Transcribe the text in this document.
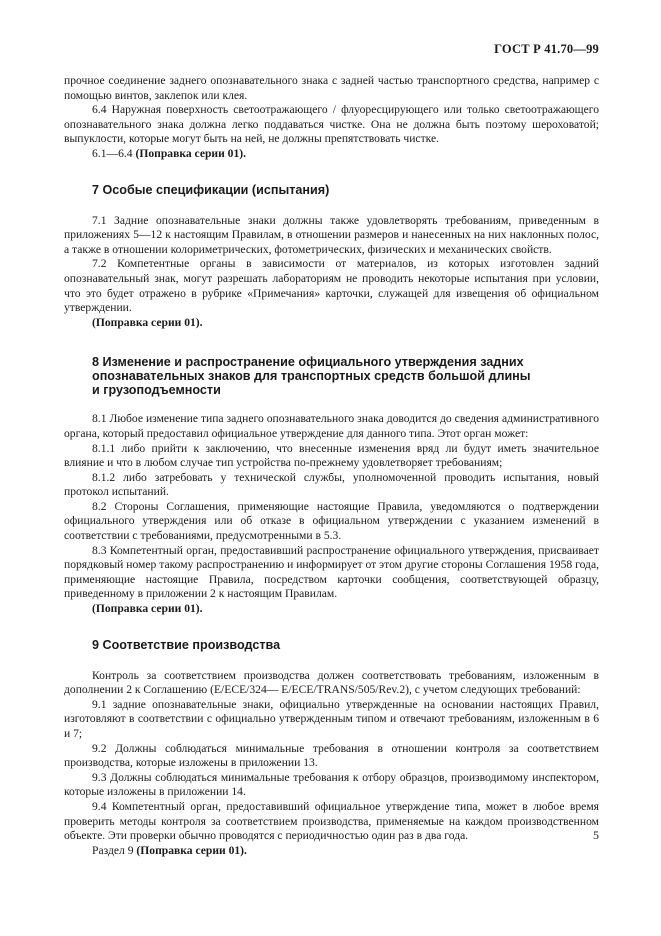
ГОСТ Р 41.70—99

прочное соединение заднего опознавательного знака с задней частью транспортного средства, например с помощью винтов, заклепок или клея.

6.4 Наружная поверхность светоотражающего / флуоресцирующего или только светоотражающего опознавательного знака должна легко поддаваться чистке. Она не должна быть поэтому шероховатой; выпуклости, которые могут быть на ней, не должны препятствовать чистке.

6.1—6.4 (Поправка серии 01).

7 Особые спецификации (испытания)

7.1 Задние опознавательные знаки должны также удовлетворять требованиям, приведенным в приложениях 5—12 к настоящим Правилам, в отношении размеров и нанесенных на них наклонных полос, а также в отношении колориметрических, фотометрических, физических и механических свойств.

7.2 Компетентные органы в зависимости от материалов, из которых изготовлен задний опознавательный знак, могут разрешать лабораториям не проводить некоторые испытания при условии, что это будет отражено в рубрике «Примечания» карточки, служащей для извещения об официальном утверждении.

(Поправка серии 01).

8 Изменение и распространение официального утверждения задних
опознавательных знаков для транспортных средств большой длины
и грузоподъемности

8.1 Любое изменение типа заднего опознавательного знака доводится до сведения административного органа, который предоставил официальное утверждение для данного типа. Этот орган может:

8.1.1 либо прийти к заключению, что внесенные изменения вряд ли будут иметь значительное влияние и что в любом случае тип устройства по-прежнему удовлетворяет требованиям;

8.1.2 либо затребовать у технической службы, уполномоченной проводить испытания, новый протокол испытаний.

8.2 Стороны Соглашения, применяющие настоящие Правила, уведомляются о подтверждении официального утверждения или об отказе в официальном утверждении с указанием изменений в соответствии с требованиями, предусмотренными в 5.3.

8.3 Компетентный орган, предоставивший распространение официального утверждения, присваивает порядковый номер такому распространению и информирует от этом другие стороны Соглашения 1958 года, применяющие настоящие Правила, посредством карточки сообщения, соответствующей образцу, приведенному в приложении 2 к настоящим Правилам.

(Поправка серии 01).

9 Соответствие производства

Контроль за соответствием производства должен соответствовать требованиям, изложенным в дополнении 2 к Соглашению (E/ECE/324— E/ECE/TRANS/505/Rev.2), с учетом следующих требований:

9.1 задние опознавательные знаки, официально утвержденные на основании настоящих Правил, изготовляют в соответствии с официально утвержденным типом и отвечают требованиям, изложенным в 6 и 7;

9.2 Должны соблюдаться минимальные требования в отношении контроля за соответствием производства, которые изложены в приложении 13.

9.3 Должны соблюдаться минимальные требования к отбору образцов, производимому инспектором, которые изложены в приложении 14.

9.4 Компетентный орган, предоставивший официальное утверждение типа, может в любое время проверить методы контроля за соответствием производства, применяемые на каждом производственном объекте. Эти проверки обычно проводятся с периодичностью один раз в два года.

Раздел 9 (Поправка серии 01).

5
